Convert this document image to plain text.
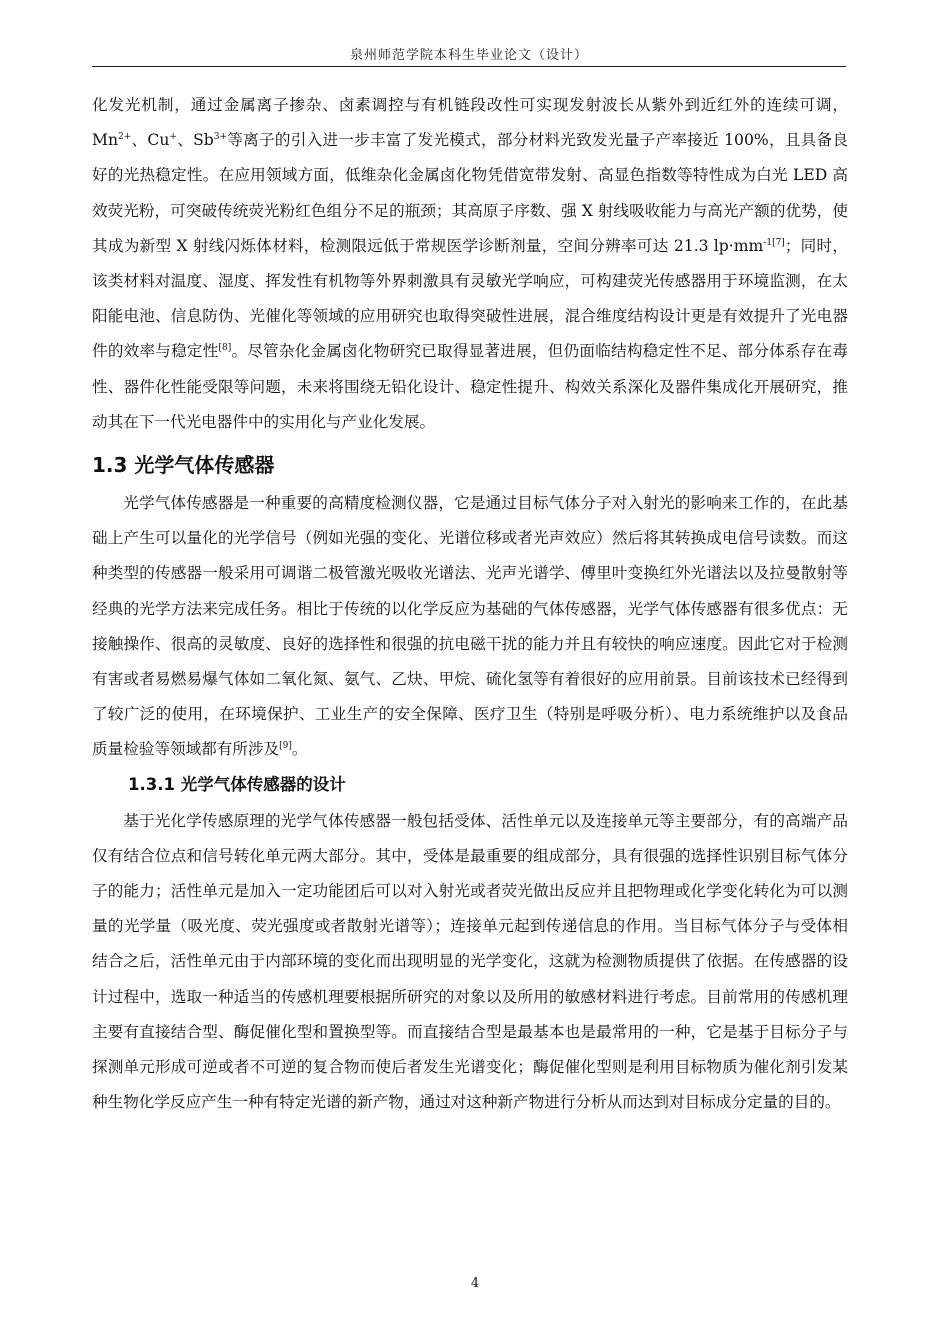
泉州师范学院本科生毕业论文（设计）

化发光机制，通过金属离子掺杂、卤素调控与有机链段改性可实现发射波长从紫外到近红外的连续可调，$Mn^{2+}$、Cu+、$Sb^{3+}$等离子的引入进一步丰富了发光模式，部分材料光致发光量子产率接近 100%，且具备良好的光热稳定性。在应用领域方面，低维杂化金属卤化物凭借宽带发射、高显色指数等特性成为白光 LED 高效荧光粉，可突破传统荧光粉红色组分不足的瓶颈；其高原子序数、强 X 射线吸收能力与高光产额的优势，使其成为新型 X 射线闪烁体材料，检测限远低于常规医学诊断剂量，空间分辨率可达 21.3 $lp\cdot mm^{-1[7]}$；同时，该类材料对温度、湿度、挥发性有机物等外界刺激具有灵敏光学响应，可构建荧光传感器用于环境监测，在太阳能电池、信息防伪、光催化等领域的应用研究也取得突破性进展，混合维度结构设计更是有效提升了光电器件的效率与稳定性[8]。尽管杂化金属卤化物研究已取得显著进展，但仍面临结构稳定性不足、部分体系存在毒性、器件化性能受限等问题，未来将围绕无铅化设计、稳定性提升、构效关系深化及器件集成化开展研究，推动其在下一代光电器件中的实用化与产业化发展。

1.3 光学气体传感器

光学气体传感器是一种重要的高精度检测仪器，它是通过目标气体分子对入射光的影响来工作的，在此基础上产生可以量化的光学信号（例如光强的变化、光谱位移或者光声效应）然后将其转换成电信号读数。而这种类型的传感器一般采用可调谐二极管激光吸收光谱法、光声光谱学、傅里叶变换红外光谱法以及拉曼散射等经典的光学方法来完成任务。相比于传统的以化学反应为基础的气体传感器，光学气体传感器有很多优点：无接触操作、很高的灵敏度、良好的选择性和很强的抗电磁干扰的能力并且有较快的响应速度。因此它对于检测有害或者易燃易爆气体如二氧化氮、氨气、乙炔、甲烷、硫化氢等有着很好的应用前景。目前该技术已经得到了较广泛的使用，在环境保护、工业生产的安全保障、医疗卫生（特别是呼吸分析）、电力系统维护以及食品质量检验等领域都有所涉及[9]。

1.3.1 光学气体传感器的设计

基于光化学传感原理的光学气体传感器一般包括受体、活性单元以及连接单元等主要部分，有的高端产品仅有结合位点和信号转化单元两大部分。其中，受体是最重要的组成部分，具有很强的选择性识别目标气体分子的能力；活性单元是加入一定功能团后可以对入射光或者荧光做出反应并且把物理或化学变化转化为可以测量的光学量（吸光度、荧光强度或者散射光谱等）；连接单元起到传递信息的作用。当目标气体分子与受体相结合之后，活性单元由于内部环境的变化而出现明显的光学变化，这就为检测物质提供了依据。在传感器的设计过程中，选取一种适当的传感机理要根据所研究的对象以及所用的敏感材料进行考虑。目前常用的传感机理主要有直接结合型、酶促催化型和置换型等。而直接结合型是最基本也是最常用的一种，它是基于目标分子与探测单元形成可逆或者不可逆的复合物而使后者发生光谱变化；酶促催化型则是利用目标物质为催化剂引发某种生物化学反应产生一种有特定光谱的新产物，通过对这种新产物进行分析从而达到对目标成分定量的目的。

4
